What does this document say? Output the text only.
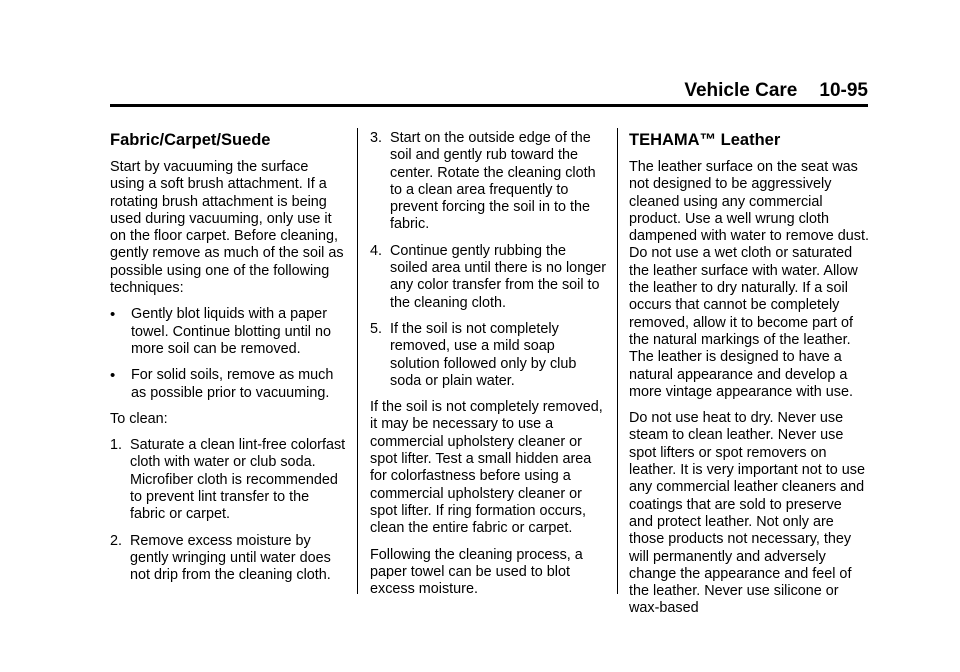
Vehicle Care 10-95
Fabric/Carpet/Suede

Start by vacuuming the surface using a soft brush attachment. If a rotating brush attachment is being used during vacuuming, only use it on the floor carpet. Before cleaning, gently remove as much of the soil as possible using one of the following techniques:

• Gently blot liquids with a paper towel. Continue blotting until no more soil can be removed.
• For solid soils, remove as much as possible prior to vacuuming.

To clean:

1. Saturate a clean lint-free colorfast cloth with water or club soda. Microfiber cloth is recommended to prevent lint transfer to the fabric or carpet.
2. Remove excess moisture by gently wringing until water does not drip from the cleaning cloth.
3. Start on the outside edge of the soil and gently rub toward the center. Rotate the cleaning cloth to a clean area frequently to prevent forcing the soil in to the fabric.
4. Continue gently rubbing the soiled area until there is no longer any color transfer from the soil to the cleaning cloth.
5. If the soil is not completely removed, use a mild soap solution followed only by club soda or plain water.

If the soil is not completely removed, it may be necessary to use a commercial upholstery cleaner or spot lifter. Test a small hidden area for colorfastness before using a commercial upholstery cleaner or spot lifter. If ring formation occurs, clean the entire fabric or carpet.

Following the cleaning process, a paper towel can be used to blot excess moisture.

TEHAMA™ Leather

The leather surface on the seat was not designed to be aggressively cleaned using any commercial product. Use a well wrung cloth dampened with water to remove dust. Do not use a wet cloth or saturated the leather surface with water. Allow the leather to dry naturally. If a soil occurs that cannot be completely removed, allow it to become part of the natural markings of the leather. The leather is designed to have a natural appearance and develop a more vintage appearance with use.

Do not use heat to dry. Never use steam to clean leather. Never use spot lifters or spot removers on leather. It is very important not to use any commercial leather cleaners and coatings that are sold to preserve and protect leather. Not only are those products not necessary, they will permanently and adversely change the appearance and feel of the leather. Never use silicone or wax-based
